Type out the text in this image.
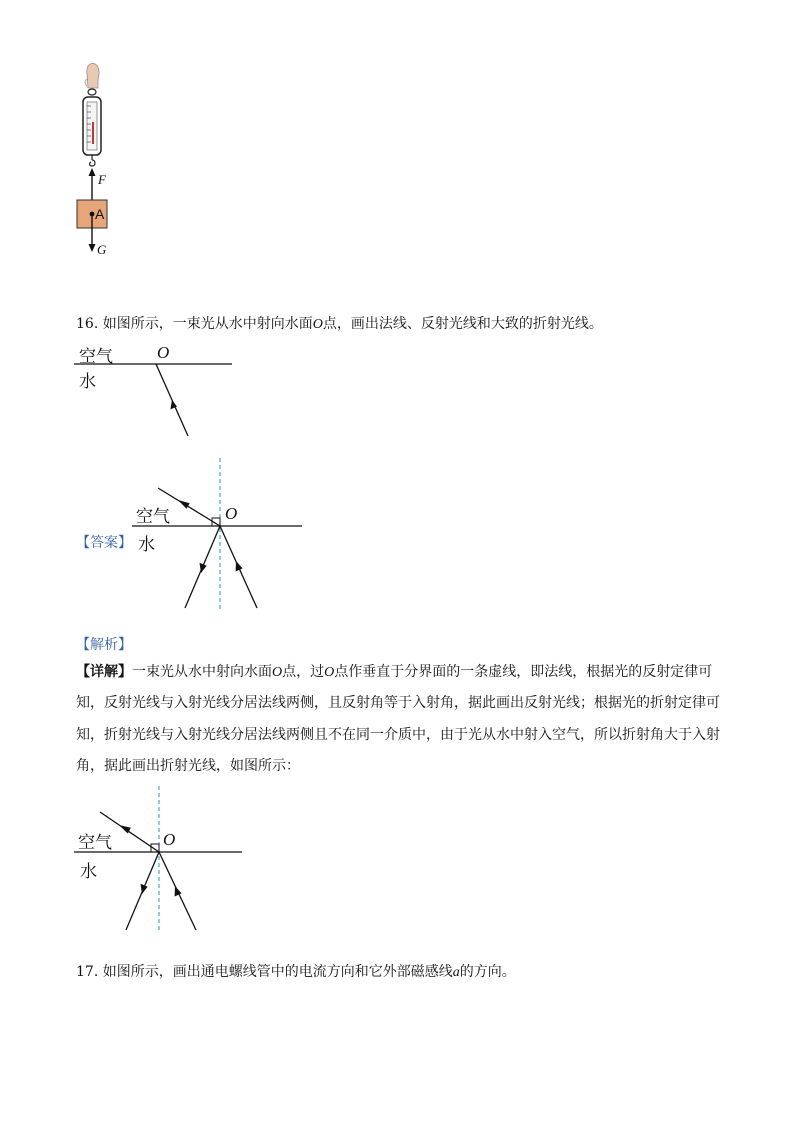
F
A
G
16. 如图所示，一束光从水中射向水面O点，画出法线、反射光线和大致的折射光线。
空气
水
O
【答案】
空气
水
O
【解析】
【详解】一束光从水中射向水面O点，过O点作垂直于分界面的一条虚线，即法线，根据光的反射定律可
知，反射光线与入射光线分居法线两侧，且反射角等于入射角，据此画出反射光线；根据光的折射定律可
知，折射光线与入射光线分居法线两侧且不在同一介质中，由于光从水中射入空气，所以折射角大于入射
角，据此画出折射光线，如图所示：
空气
水
O
17. 如图所示，画出通电螺线管中的电流方向和它外部磁感线a的方向。
